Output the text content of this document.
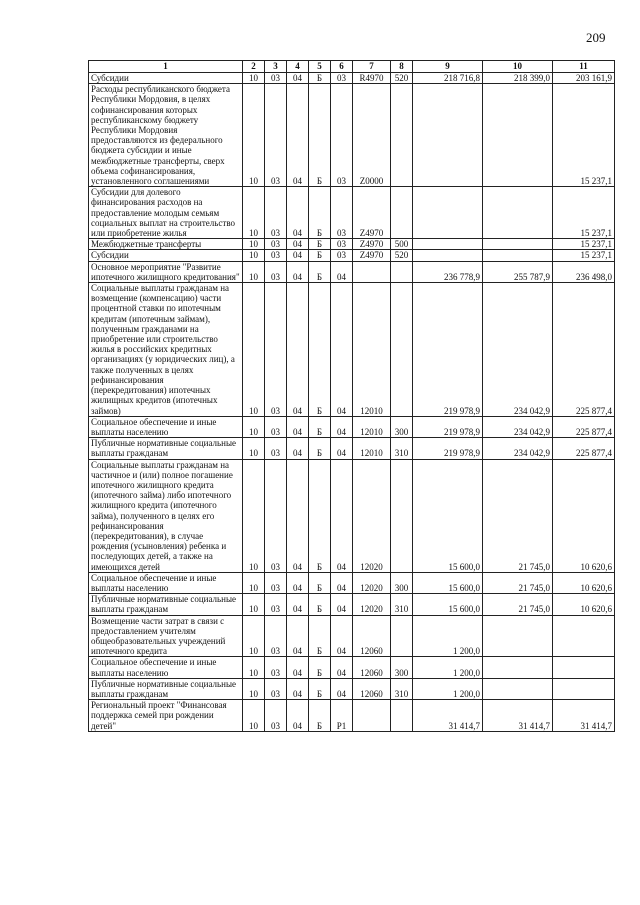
209
1	2	3	4	5	6	7	8	9	10	11
Субсидии	10	03	04	Б	03	R4970	520	218 716,8	218 399,0	203 161,9
Расходы республиканского бюджета Республики Мордовия, в целях софинансирования которых республиканскому бюджету Республики Мордовия предоставляются из федерального бюджета субсидии и иные межбюджетные трансферты, сверх объема софинансирования, установленного соглашениями	10	03	04	Б	03	Z0000				15 237,1
Субсидии для долевого финансирования расходов на предоставление молодым семьям социальных выплат на строительство или приобретение жилья	10	03	04	Б	03	Z4970				15 237,1
Межбюджетные трансферты	10	03	04	Б	03	Z4970	500			15 237,1
Субсидии	10	03	04	Б	03	Z4970	520			15 237,1
Основное мероприятие "Развитие ипотечного жилищного кредитования"	10	03	04	Б	04			236 778,9	255 787,9	236 498,0
Социальные выплаты гражданам на возмещение (компенсацию) части процентной ставки по ипотечным кредитам (ипотечным займам), полученным гражданами на приобретение или строительство жилья в российских кредитных организациях (у юридических лиц), а также полученных в целях рефинансирования (перекредитования) ипотечных жилищных кредитов (ипотечных займов)	10	03	04	Б	04	12010		219 978,9	234 042,9	225 877,4
Социальное обеспечение и иные выплаты населению	10	03	04	Б	04	12010	300	219 978,9	234 042,9	225 877,4
Публичные нормативные социальные выплаты гражданам	10	03	04	Б	04	12010	310	219 978,9	234 042,9	225 877,4
Социальные выплаты гражданам на частичное и (или) полное погашение ипотечного жилищного кредита (ипотечного займа) либо ипотечного жилищного кредита (ипотечного займа), полученного в целях его рефинансирования (перекредитования), в случае рождения (усыновления) ребенка и последующих детей, а также на имеющихся детей	10	03	04	Б	04	12020		15 600,0	21 745,0	10 620,6
Социальное обеспечение и иные выплаты населению	10	03	04	Б	04	12020	300	15 600,0	21 745,0	10 620,6
Публичные нормативные социальные выплаты гражданам	10	03	04	Б	04	12020	310	15 600,0	21 745,0	10 620,6
Возмещение части затрат в связи с предоставлением учителям общеобразовательных учреждений ипотечного кредита	10	03	04	Б	04	12060		1 200,0		
Социальное обеспечение и иные выплаты населению	10	03	04	Б	04	12060	300	1 200,0		
Публичные нормативные социальные выплаты гражданам	10	03	04	Б	04	12060	310	1 200,0		
Региональный проект "Финансовая поддержка семей при рождении детей"	10	03	04	Б	P1			31 414,7	31 414,7	31 414,7
